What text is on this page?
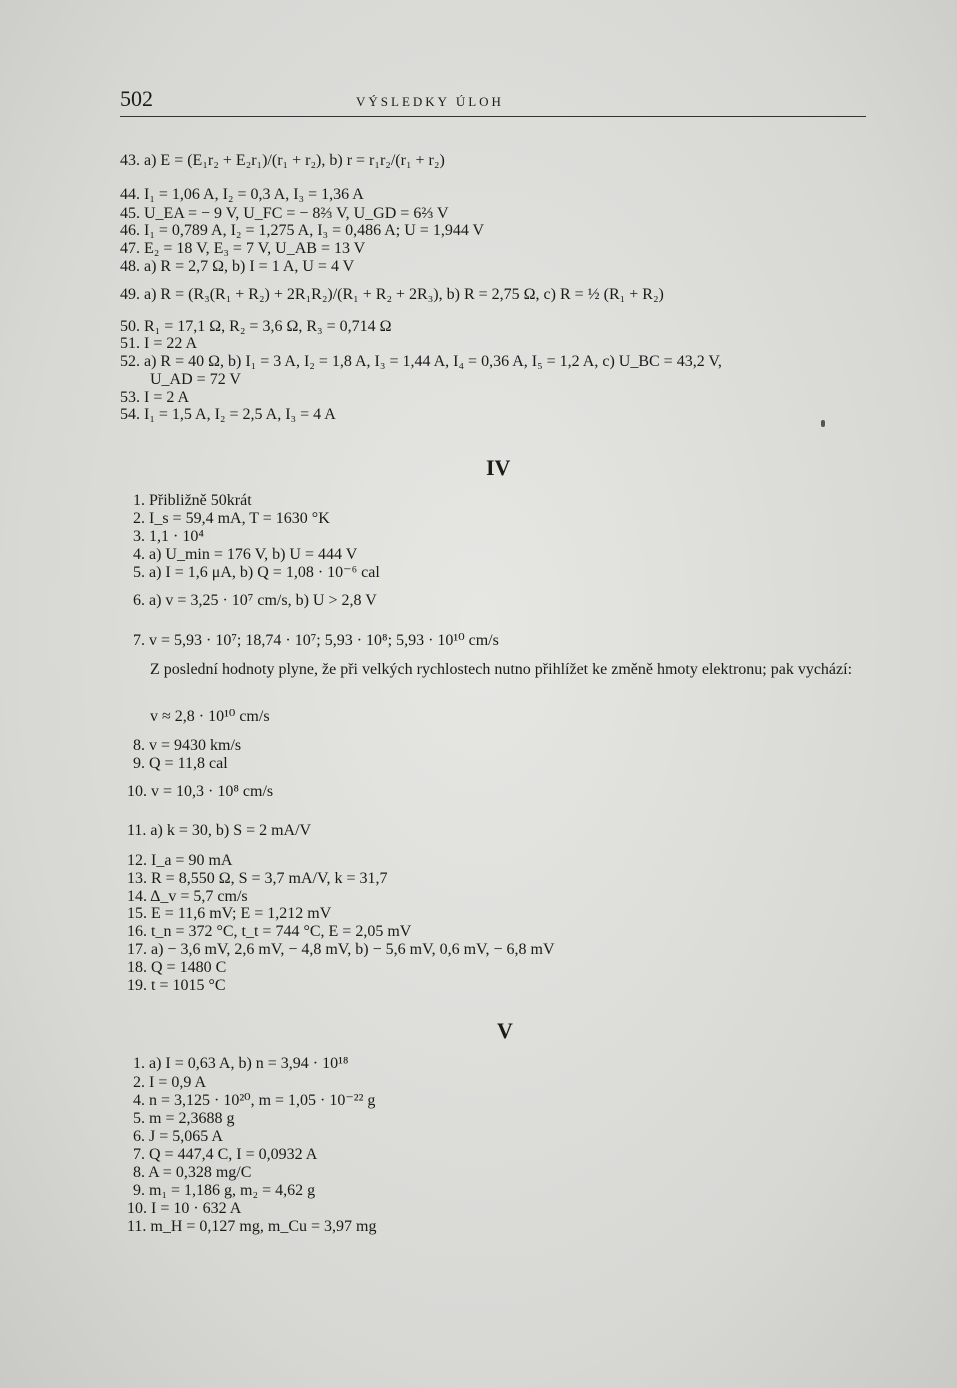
502	VÝSLEDKY ÚLOH
43. a) E = (E₁r₂ + E₂r₁)/(r₁ + r₂), b) r = r₁r₂/(r₁ + r₂)
44. I₁ = 1,06 A, I₂ = 0,3 A, I₃ = 1,36 A
45. U_EA = − 9 V, U_FC = − 8⅔ V, U_GD = 6⅔ V
46. I₁ = 0,789 A, I₂ = 1,275 A, I₃ = 0,486 A; U = 1,944 V
47. E₂ = 18 V, E₃ = 7 V, U_AB = 13 V
48. a) R = 2,7 Ω, b) I = 1 A, U = 4 V
49. a) R = (R₃(R₁ + R₂) + 2R₁R₂)/(R₁ + R₂ + 2R₃), b) R = 2,75 Ω, c) R = ½ (R₁ + R₂)
50. R₁ = 17,1 Ω, R₂ = 3,6 Ω, R₃ = 0,714 Ω
51. I = 22 A
52. a) R = 40 Ω, b) I₁ = 3 A, I₂ = 1,8 A, I₃ = 1,44 A, I₄ = 0,36 A, I₅ = 1,2 A, c) U_BC = 43,2 V,
U_AD = 72 V
53. I = 2 A
54. I₁ = 1,5 A, I₂ = 2,5 A, I₃ = 4 A
IV
1. Přibližně 50krát
2. I_s = 59,4 mA, T = 1630 °K
3. 1,1 · 10⁴
4. a) U_min = 176 V, b) U = 444 V
5. a) I = 1,6 μA, b) Q = 1,08 · 10⁻⁶ cal
6. a) v = 3,25 · 10⁷ cm/s, b) U > 2,8 V
7. v = 5,93 · 10⁷; 18,74 · 10⁷; 5,93 · 10⁸; 5,93 · 10¹⁰ cm/s
Z poslední hodnoty plyne, že při velkých rychlostech nutno přihlížet ke změně hmoty elektronu; pak vychází:
v ≈ 2,8 · 10¹⁰ cm/s
8. v = 9430 km/s
9. Q = 11,8 cal
10. v = 10,3 · 10⁸ cm/s
11. a) k = 30, b) S = 2 mA/V
12. I_a = 90 mA
13. R = 8,550 Ω, S = 3,7 mA/V, k = 31,7
14. Δ_v = 5,7 cm/s
15. E = 11,6 mV; E = 1,212 mV
16. t_n = 372 °C, t_t = 744 °C, E = 2,05 mV
17. a) − 3,6 mV, 2,6 mV, − 4,8 mV, b) − 5,6 mV, 0,6 mV, − 6,8 mV
18. Q = 1480 C
19. t = 1015 °C
V
1. a) I = 0,63 A, b) n = 3,94 · 10¹⁸
2. I = 0,9 A
4. n = 3,125 · 10²⁰, m = 1,05 · 10⁻²² g
5. m = 2,3688 g
6. J = 5,065 A
7. Q = 447,4 C, I = 0,0932 A
8. A = 0,328 mg/C
9. m₁ = 1,186 g, m₂ = 4,62 g
10. I = 10 · 632 A
11. m_H = 0,127 mg, m_Cu = 3,97 mg
